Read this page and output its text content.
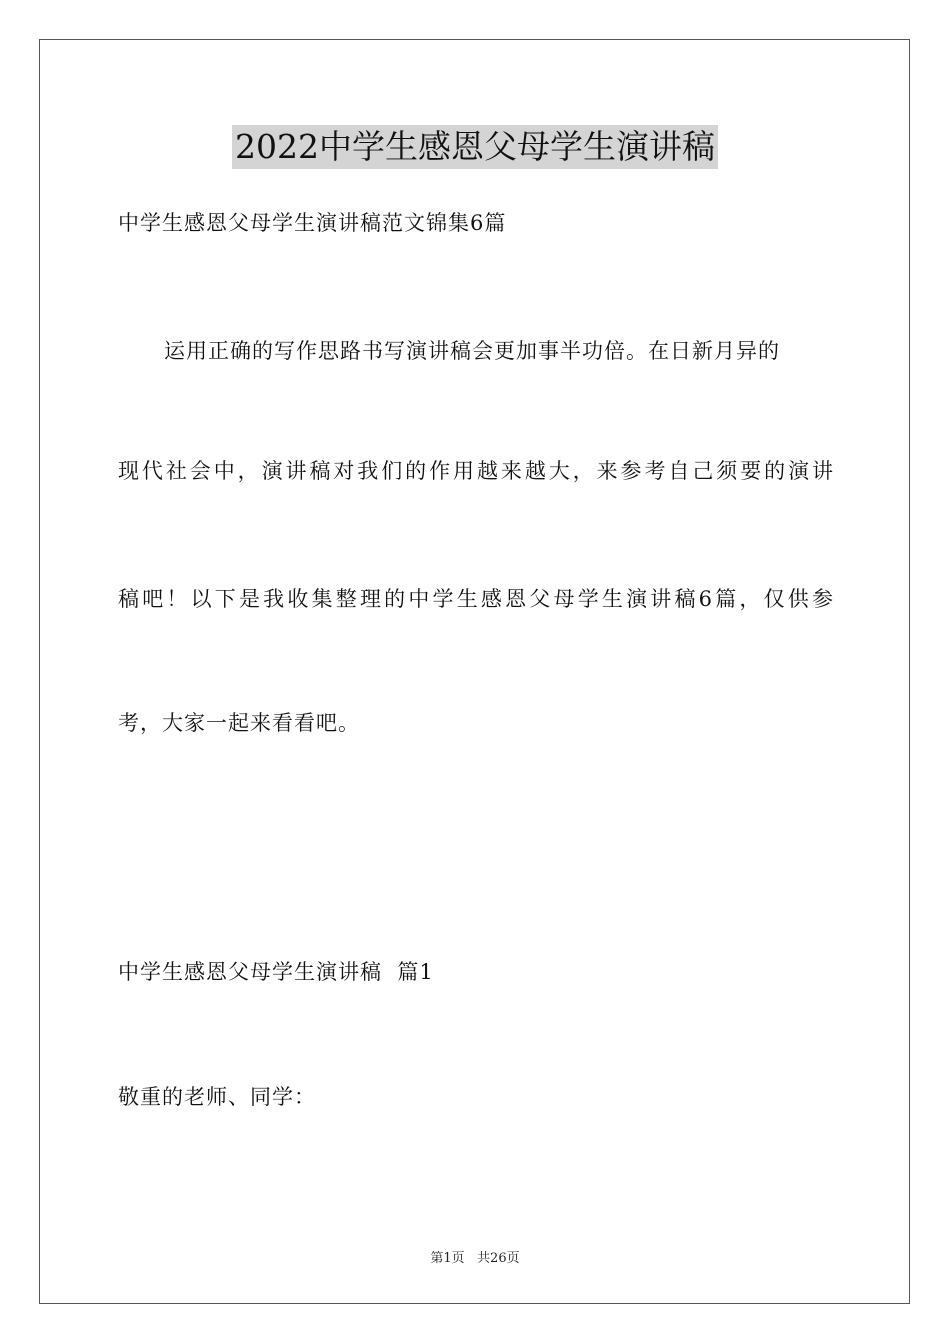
2022中学生感恩父母学生演讲稿
中学生感恩父母学生演讲稿范文锦集6篇
运用正确的写作思路书写演讲稿会更加事半功倍。在日新月异的
现代社会中，演讲稿对我们的作用越来越大，来参考自己须要的演讲
稿吧！以下是我收集整理的中学生感恩父母学生演讲稿6篇，仅供参
考，大家一起来看看吧。
中学生感恩父母学生演讲稿  篇1
敬重的老师、同学：
第1页   共26页
